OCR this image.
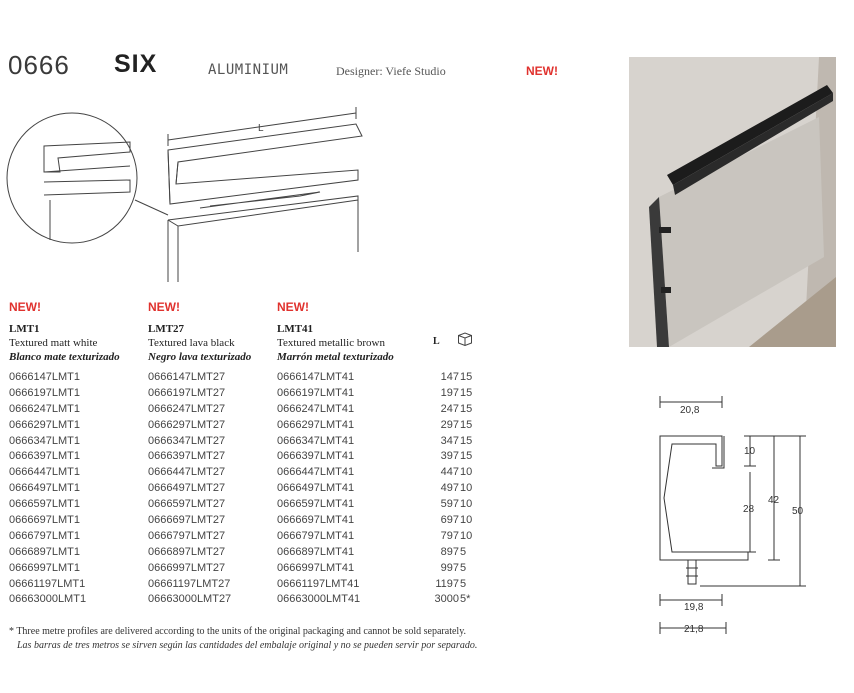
0666 SIX	ALUMINIUM	Designer: Viefe Studio	NEW!
L
NEW!
LMT1
Textured matt white
Blanco mate texturizado
NEW!
LMT27
Textured lava black
Negro lava texturizado
NEW!
LMT41
Textured metallic brown
Marrón metal texturizado
L
0666147LMT1	0666147LMT27	0666147LMT41	147 15
0666197LMT1	0666197LMT27	0666197LMT41	197 15
0666247LMT1	0666247LMT27	0666247LMT41	247 15
0666297LMT1	0666297LMT27	0666297LMT41	297 15
0666347LMT1	0666347LMT27	0666347LMT41	347 15
0666397LMT1	0666397LMT27	0666397LMT41	397 15
0666447LMT1	0666447LMT27	0666447LMT41	447 10
0666497LMT1	0666497LMT27	0666497LMT41	497 10
0666597LMT1	0666597LMT27	0666597LMT41	597 10
0666697LMT1	0666697LMT27	0666697LMT41	697 10
0666797LMT1	0666797LMT27	0666797LMT41	797 10
0666897LMT1	0666897LMT27	0666897LMT41	897 5
0666997LMT1	0666997LMT27	0666997LMT41	997 5
06661197LMT1	06661197LMT27	06661197LMT41	1197 5
06663000LMT1	06663000LMT27	06663000LMT41	3000 5*
20,8
10
28
42
50
19,8
21,8
* Three metre profiles are delivered according to the units of the original packaging and cannot be sold separately.
Las barras de tres metros se sirven según las cantidades del embalaje original y no se pueden servir por separado.
